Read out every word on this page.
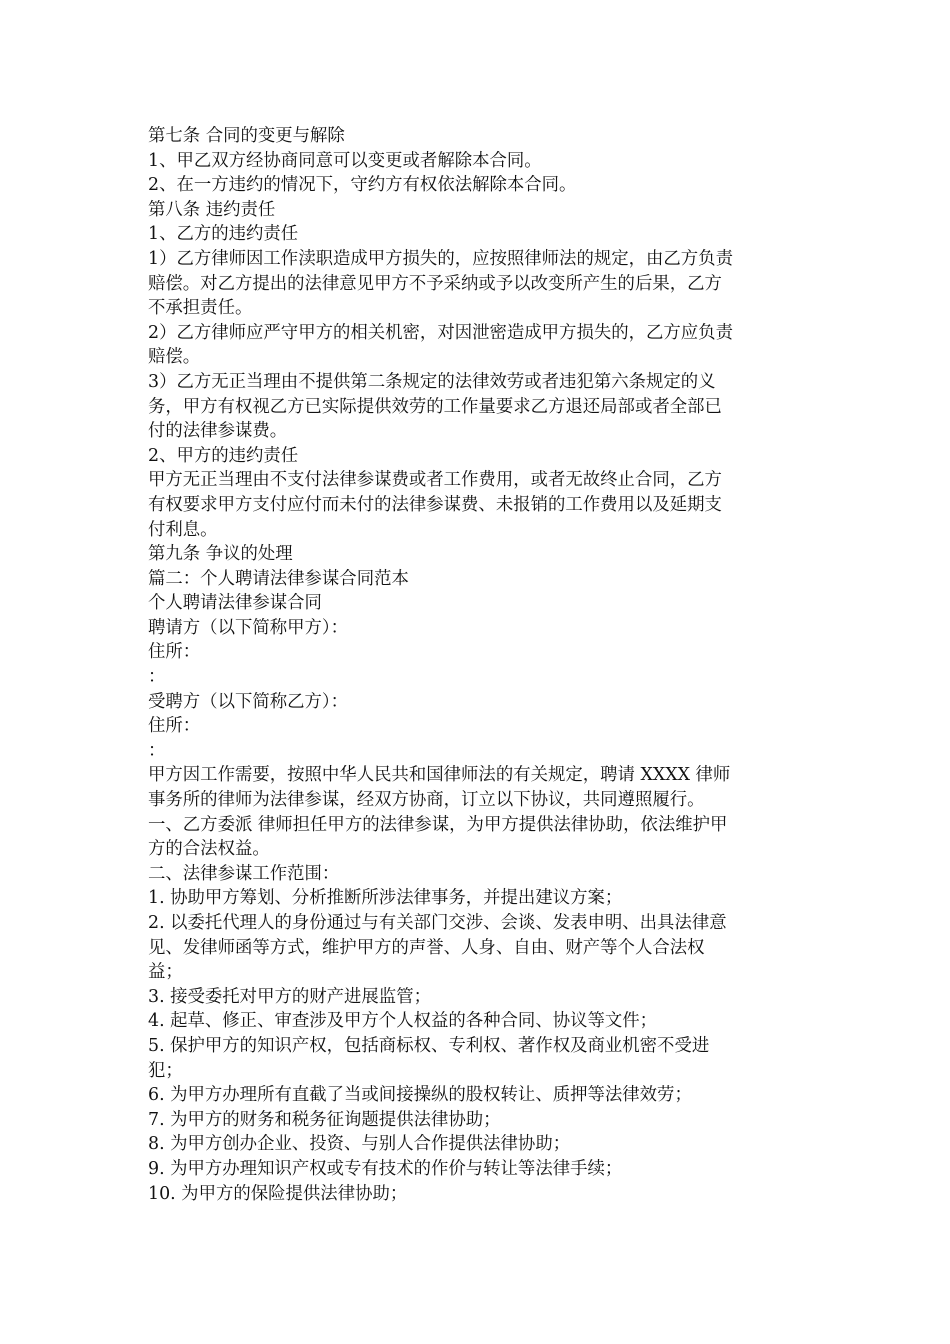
第七条 合同的变更与解除
1、甲乙双方经协商同意可以变更或者解除本合同。
2、在一方违约的情况下，守约方有权依法解除本合同。
第八条 违约责任
1、乙方的违约责任
1）乙方律师因工作渎职造成甲方损失的，应按照律师法的规定，由乙方负责
赔偿。对乙方提出的法律意见甲方不予采纳或予以改变所产生的后果，乙方
不承担责任。
2）乙方律师应严守甲方的相关机密，对因泄密造成甲方损失的，乙方应负责
赔偿。
3）乙方无正当理由不提供第二条规定的法律效劳或者违犯第六条规定的义
务，甲方有权视乙方已实际提供效劳的工作量要求乙方退还局部或者全部已
付的法律参谋费。
2、甲方的违约责任
甲方无正当理由不支付法律参谋费或者工作费用，或者无故终止合同，乙方
有权要求甲方支付应付而未付的法律参谋费、未报销的工作费用以及延期支
付利息。
第九条 争议的处理
篇二：个人聘请法律参谋合同范本
个人聘请法律参谋合同
聘请方（以下简称甲方）：
住所：
：
受聘方（以下简称乙方）：
住所：
：
甲方因工作需要，按照中华人民共和国律师法的有关规定，聘请 XXXX 律师
事务所的律师为法律参谋，经双方协商，订立以下协议，共同遵照履行。
一、乙方委派 律师担任甲方的法律参谋，为甲方提供法律协助，依法维护甲
方的合法权益。
二、法律参谋工作范围：
1. 协助甲方筹划、分析推断所涉法律事务，并提出建议方案；
2. 以委托代理人的身份通过与有关部门交涉、会谈、发表申明、出具法律意
见、发律师函等方式，维护甲方的声誉、人身、自由、财产等个人合法权
益；
3. 接受委托对甲方的财产进展监管；
4. 起草、修正、审查涉及甲方个人权益的各种合同、协议等文件；
5. 保护甲方的知识产权，包括商标权、专利权、著作权及商业机密不受进
犯；
6. 为甲方办理所有直截了当或间接操纵的股权转让、质押等法律效劳；
7. 为甲方的财务和税务征询题提供法律协助；
8. 为甲方创办企业、投资、与别人合作提供法律协助；
9. 为甲方办理知识产权或专有技术的作价与转让等法律手续；
10. 为甲方的保险提供法律协助；
